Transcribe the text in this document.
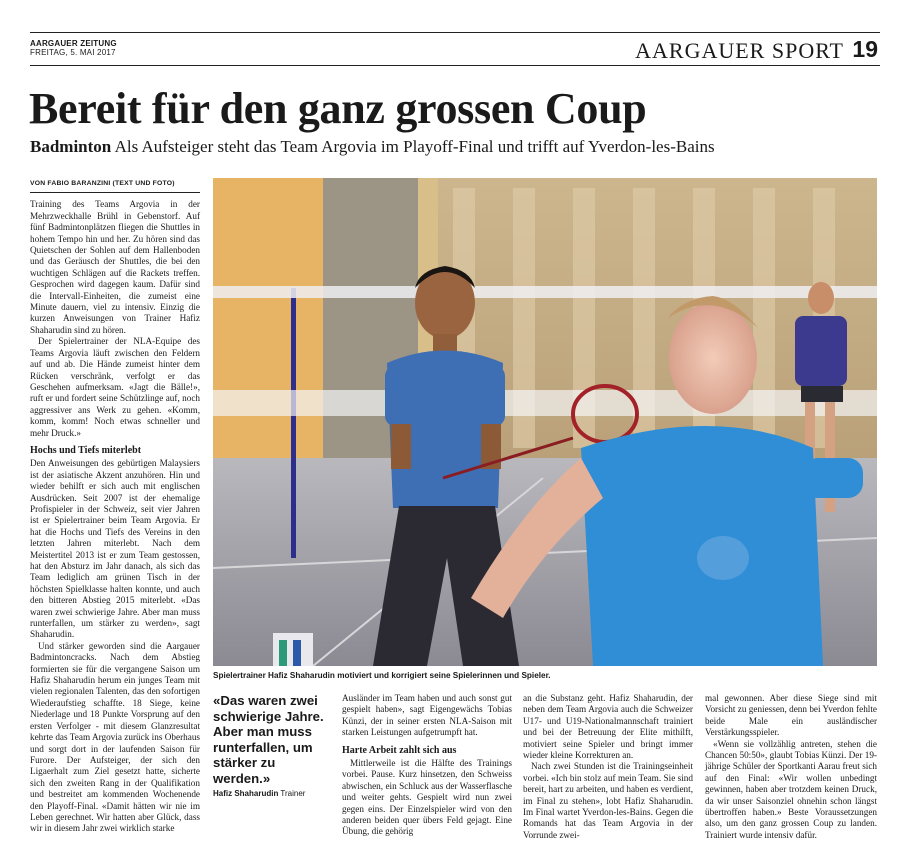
AARGAUER ZEITUNG
FREITAG, 5. MAI 2017	AARGAUER SPORT 19
Bereit für den ganz grossen Coup
Badminton Als Aufsteiger steht das Team Argovia im Playoff-Final und trifft auf Yverdon-les-Bains
VON FABIO BARANZINI (TEXT UND FOTO)

Training des Teams Argovia in der Mehrzweckhalle Brühl in Gebenstorf. Auf fünf Badmintonplätzen fliegen die Shuttles in hohem Tempo hin und her. Zu hören sind das Quietschen der Sohlen auf dem Hallenboden und das Geräusch der Shuttles, die bei den wuchtigen Schlägen auf die Rackets treffen. Gesprochen wird dagegen kaum. Dafür sind die Intervall-Einheiten, die zumeist eine Minute dauern, viel zu intensiv. Einzig die kurzen Anweisungen von Trainer Hafiz Shaharudin sind zu hören.

Der Spielertrainer der NLA-Equipe des Teams Argovia läuft zwischen den Feldern auf und ab. Die Hände zumeist hinter dem Rücken verschränk, verfolgt er das Geschehen aufmerksam. «Jagt die Bälle!», ruft er und fordert seine Schützlinge auf, noch aggressiver ans Werk zu gehen. «Komm, komm, komm! Noch etwas schneller und mehr Druck.»

Hochs und Tiefs miterlebt

Den Anweisungen des gebürtigen Malaysiers ist der asiatische Akzent anzuhören. Hin und wieder behilft er sich auch mit englischen Ausdrücken. Seit 2007 ist der ehemalige Profispieler in der Schweiz, seit vier Jahren ist er Spielertrainer beim Team Argovia. Er hat die Hochs und Tiefs des Vereins in den letzten Jahren miterlebt. Nach dem Meistertitel 2013 ist er zum Team gestossen, hat den Absturz im Jahr danach, als sich das Team lediglich am grünen Tisch in der höchsten Spielklasse halten konnte, und auch den bitteren Abstieg 2015 miterlebt. «Das waren zwei schwierige Jahre. Aber man muss runterfallen, um stärker zu werden», sagt Shaharudin.

Und stärker geworden sind die Aargauer Badmintoncracks. Nach dem Abstieg formierten sie für die vergangene Saison um Hafiz Shaharudin herum ein junges Team mit vielen regionalen Talenten, das den sofortigen Wiederaufstieg schaffte. 18 Siege, keine Niederlage und 18 Punkte Vorsprung auf den ersten Verfolger - mit diesem Glanzresultat kehrte das Team Argovia zurück ins Oberhaus und sorgt dort in der laufenden Saison für Furore. Der Aufsteiger, der sich den Ligaerhalt zum Ziel gesetzt hatte, sicherte sich den zweiten Rang in der Qualifikation und bestreitet am kommenden Wochenende den Playoff-Final. «Damit hätten wir nie im Leben gerechnet. Wir hatten aber Glück, dass wir in diesem Jahr zwei wirklich starke

Spielertrainer Hafiz Shaharudin motiviert und korrigiert seine Spielerinnen und Spieler.
«Das waren zwei schwierige Jahre. Aber man muss runterfallen, um stärker zu werden.»
Hafiz Shaharudin Trainer

Ausländer im Team haben und auch sonst gut gespielt haben», sagt Eigengewächs Tobias Künzi, der in seiner ersten NLA-Saison mit starken Leistungen aufgetrumpft hat.

Harte Arbeit zahlt sich aus

Mittlerweile ist die Hälfte des Trainings vorbei. Pause. Kurz hinsetzen, den Schweiss abwischen, ein Schluck aus der Wasserflasche und weiter gehts. Gespielt wird nun zwei gegen eins. Der Einzelspieler wird von den anderen beiden quer übers Feld gejagt. Eine Übung, die gehörig

an die Substanz geht. Hafiz Shaharudin, der neben dem Team Argovia auch die Schweizer U17- und U19-Nationalmannschaft trainiert und bei der Betreuung der Elite mithilft, motiviert seine Spieler und bringt immer wieder kleine Korrekturen an.

Nach zwei Stunden ist die Trainingseinheit vorbei. «Ich bin stolz auf mein Team. Sie sind bereit, hart zu arbeiten, und haben es verdient, im Final zu stehen», lobt Hafiz Shaharudin. Im Final wartet Yverdon-les-Bains. Gegen die Romands hat das Team Argovia in der Vorrunde zwei-

mal gewonnen. Aber diese Siege sind mit Vorsicht zu geniessen, denn bei Yverdon fehlte beide Male ein ausländischer Verstärkungsspieler.

«Wenn sie vollzählig antreten, stehen die Chancen 50:50», glaubt Tobias Künzi. Der 19-jährige Schüler der Sportkanti Aarau freut sich auf den Final: «Wir wollen unbedingt gewinnen, haben aber trotzdem keinen Druck, da wir unser Saisonziel ohnehin schon längst übertroffen haben.» Beste Voraussetzungen also, um den ganz grossen Coup zu landen. Trainiert wurde intensiv dafür.
